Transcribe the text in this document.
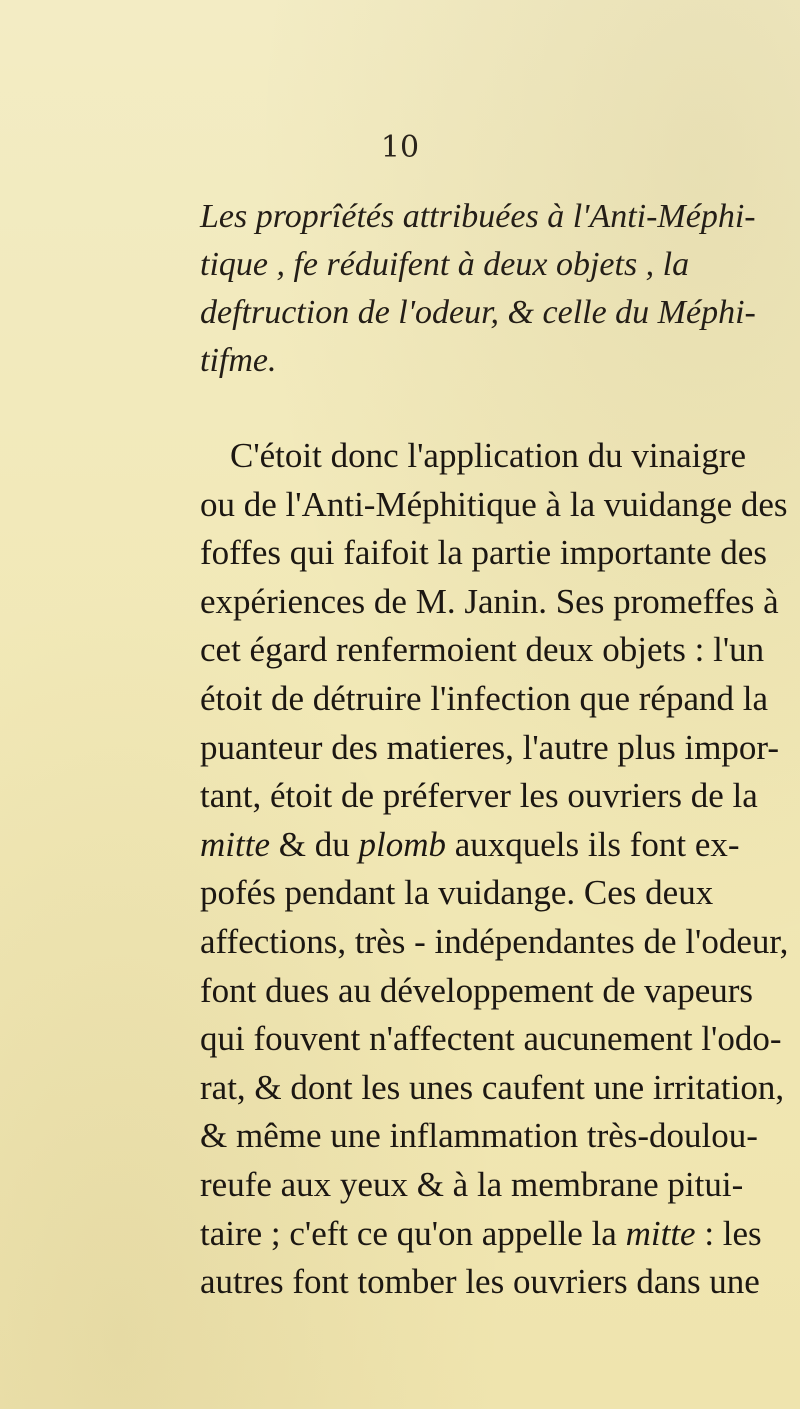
10

Les proprîétés attribuées à l'Anti-Méphi-
tique , fe réduifent à deux objets , la
deftruction de l'odeur, & celle du Méphi-
tifme.

C'étoit donc l'application du vinaigre
ou de l'Anti-Méphitique à la vuidange des
foffes qui faifoit la partie importante des
expériences de M. Janin. Ses promeffes à
cet égard renfermoient deux objets : l'un
étoit de détruire l'infection que répand la
puanteur des matieres, l'autre plus impor-
tant, étoit de préferver les ouvriers de la
mitte & du plomb auxquels ils font ex-
pofés pendant la vuidange. Ces deux
affections, très - indépendantes de l'odeur,
font dues au développement de vapeurs
qui fouvent n'affectent aucunement l'odo-
rat, & dont les unes caufent une irritation,
& même une inflammation très-doulou-
reufe aux yeux & à la membrane pitui-
taire ; c'eft ce qu'on appelle la mitte : les
autres font tomber les ouvriers dans une
